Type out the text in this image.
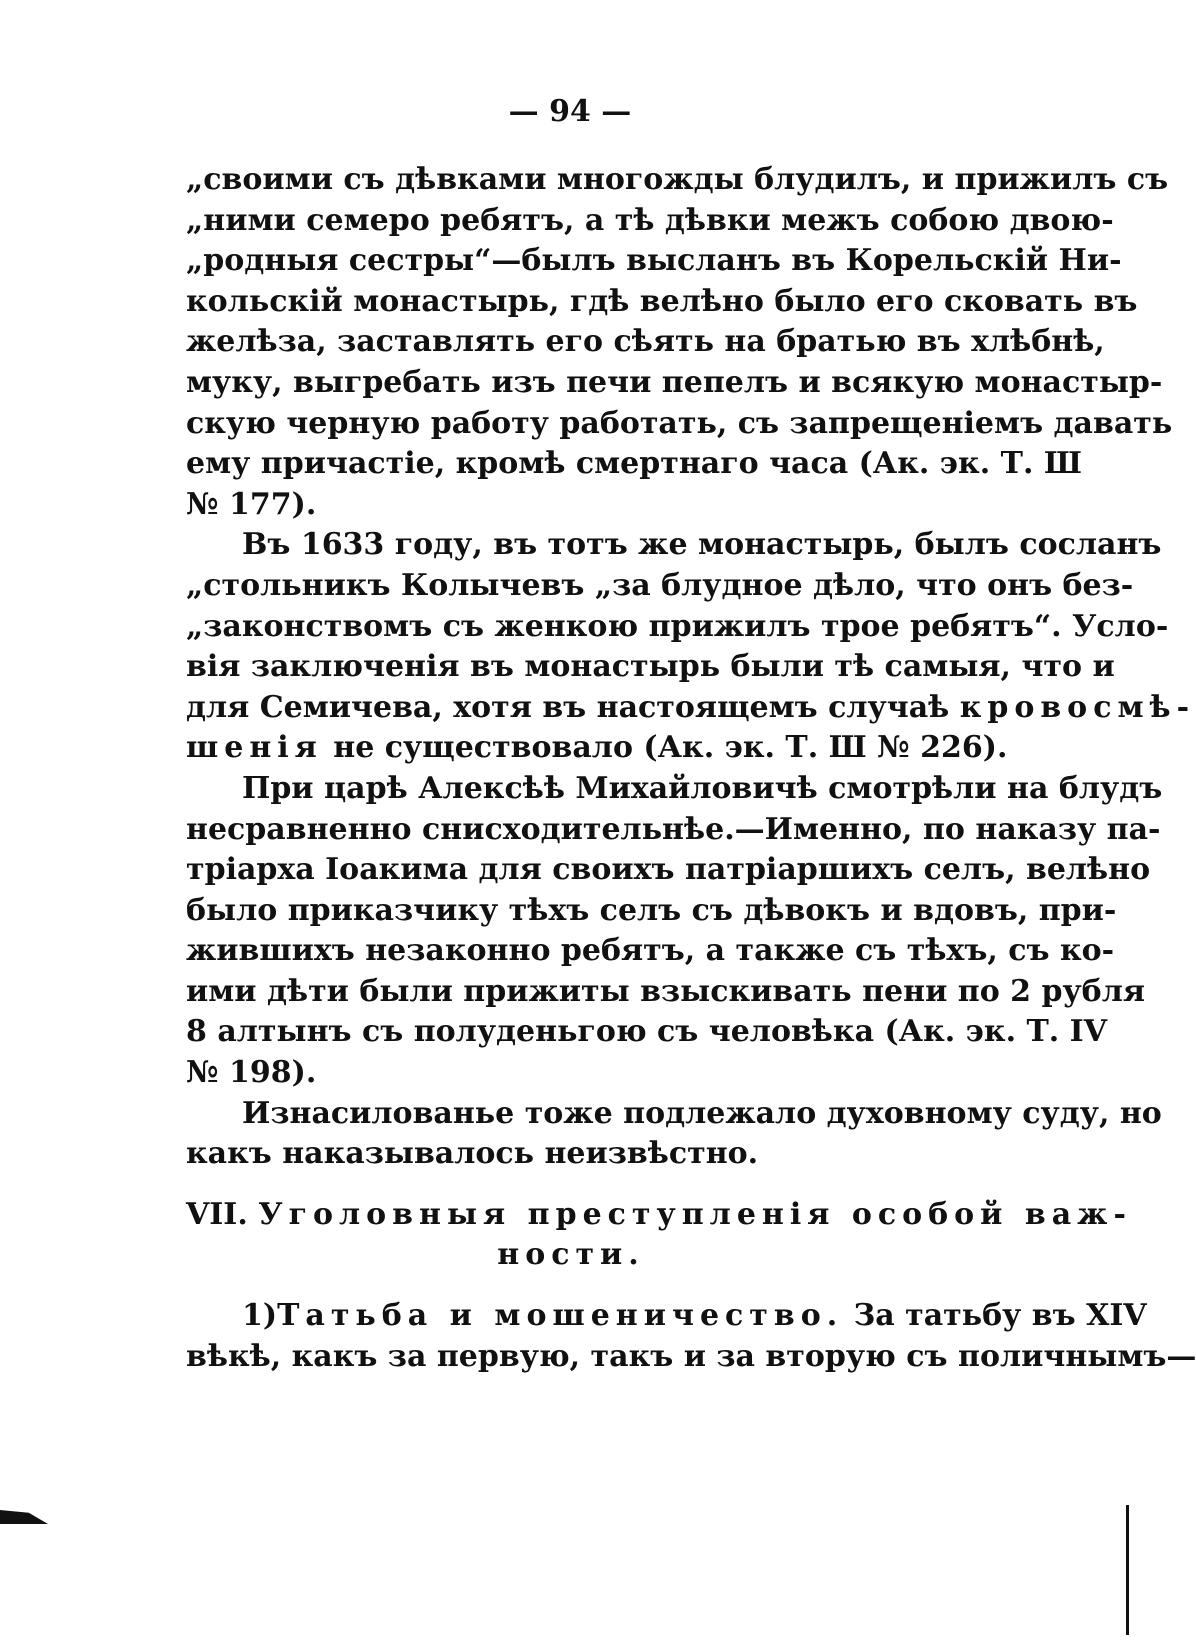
— 94 —
„своими съ дѣвками многожды блудилъ, и прижилъ съ
„ними семеро ребятъ, а тѣ дѣвки межъ собою двою-
„родныя сестры“—былъ высланъ въ Корельскій Ни-
кольскій монастырь, гдѣ велѣно было его сковать въ
желѣза, заставлять его сѣять на братью въ хлѣбнѣ,
муку, выгребать изъ печи пепелъ и всякую монастыр-
скую черную работу работать, съ запрещеніемъ давать
ему причастіе, кромѣ смертнаго часа (Ак. эк. Т. Ш
№ 177).
Въ 1633 году, въ тотъ же монастырь, былъ сосланъ
„стольникъ Колычевъ „за блудное дѣло, что онъ без-
„законствомъ съ женкою прижилъ трое ребятъ“. Усло-
вія заключенія въ монастырь были тѣ самыя, что и
для Семичева, хотя въ настоящемъ случаѣ кровосмѣ-
шенія не существовало (Ак. эк. Т. Ш № 226).
При царѣ Алексѣѣ Михайловичѣ смотрѣли на блудъ
несравненно снисходительнѣе.—Именно, по наказу па-
тріарха Іоакима для своихъ патріаршихъ селъ, велѣно
было приказчику тѣхъ селъ съ дѣвокъ и вдовъ, при-
жившихъ незаконно ребятъ, а также съ тѣхъ, съ ко-
ими дѣти были прижиты взыскивать пени по 2 рубля
8 алтынъ съ полуденьгою съ человѣка (Ак. эк. Т. IV
№ 198).
Изнасилованье тоже подлежало духовному суду, но
какъ наказывалось неизвѣстно.
VII. Уголовныя преступленія особой важ-
ности.
1)Татьба и мошеничество. За татьбу въ XIV
вѣкѣ, какъ за первую, такъ и за вторую съ поличнымъ—
